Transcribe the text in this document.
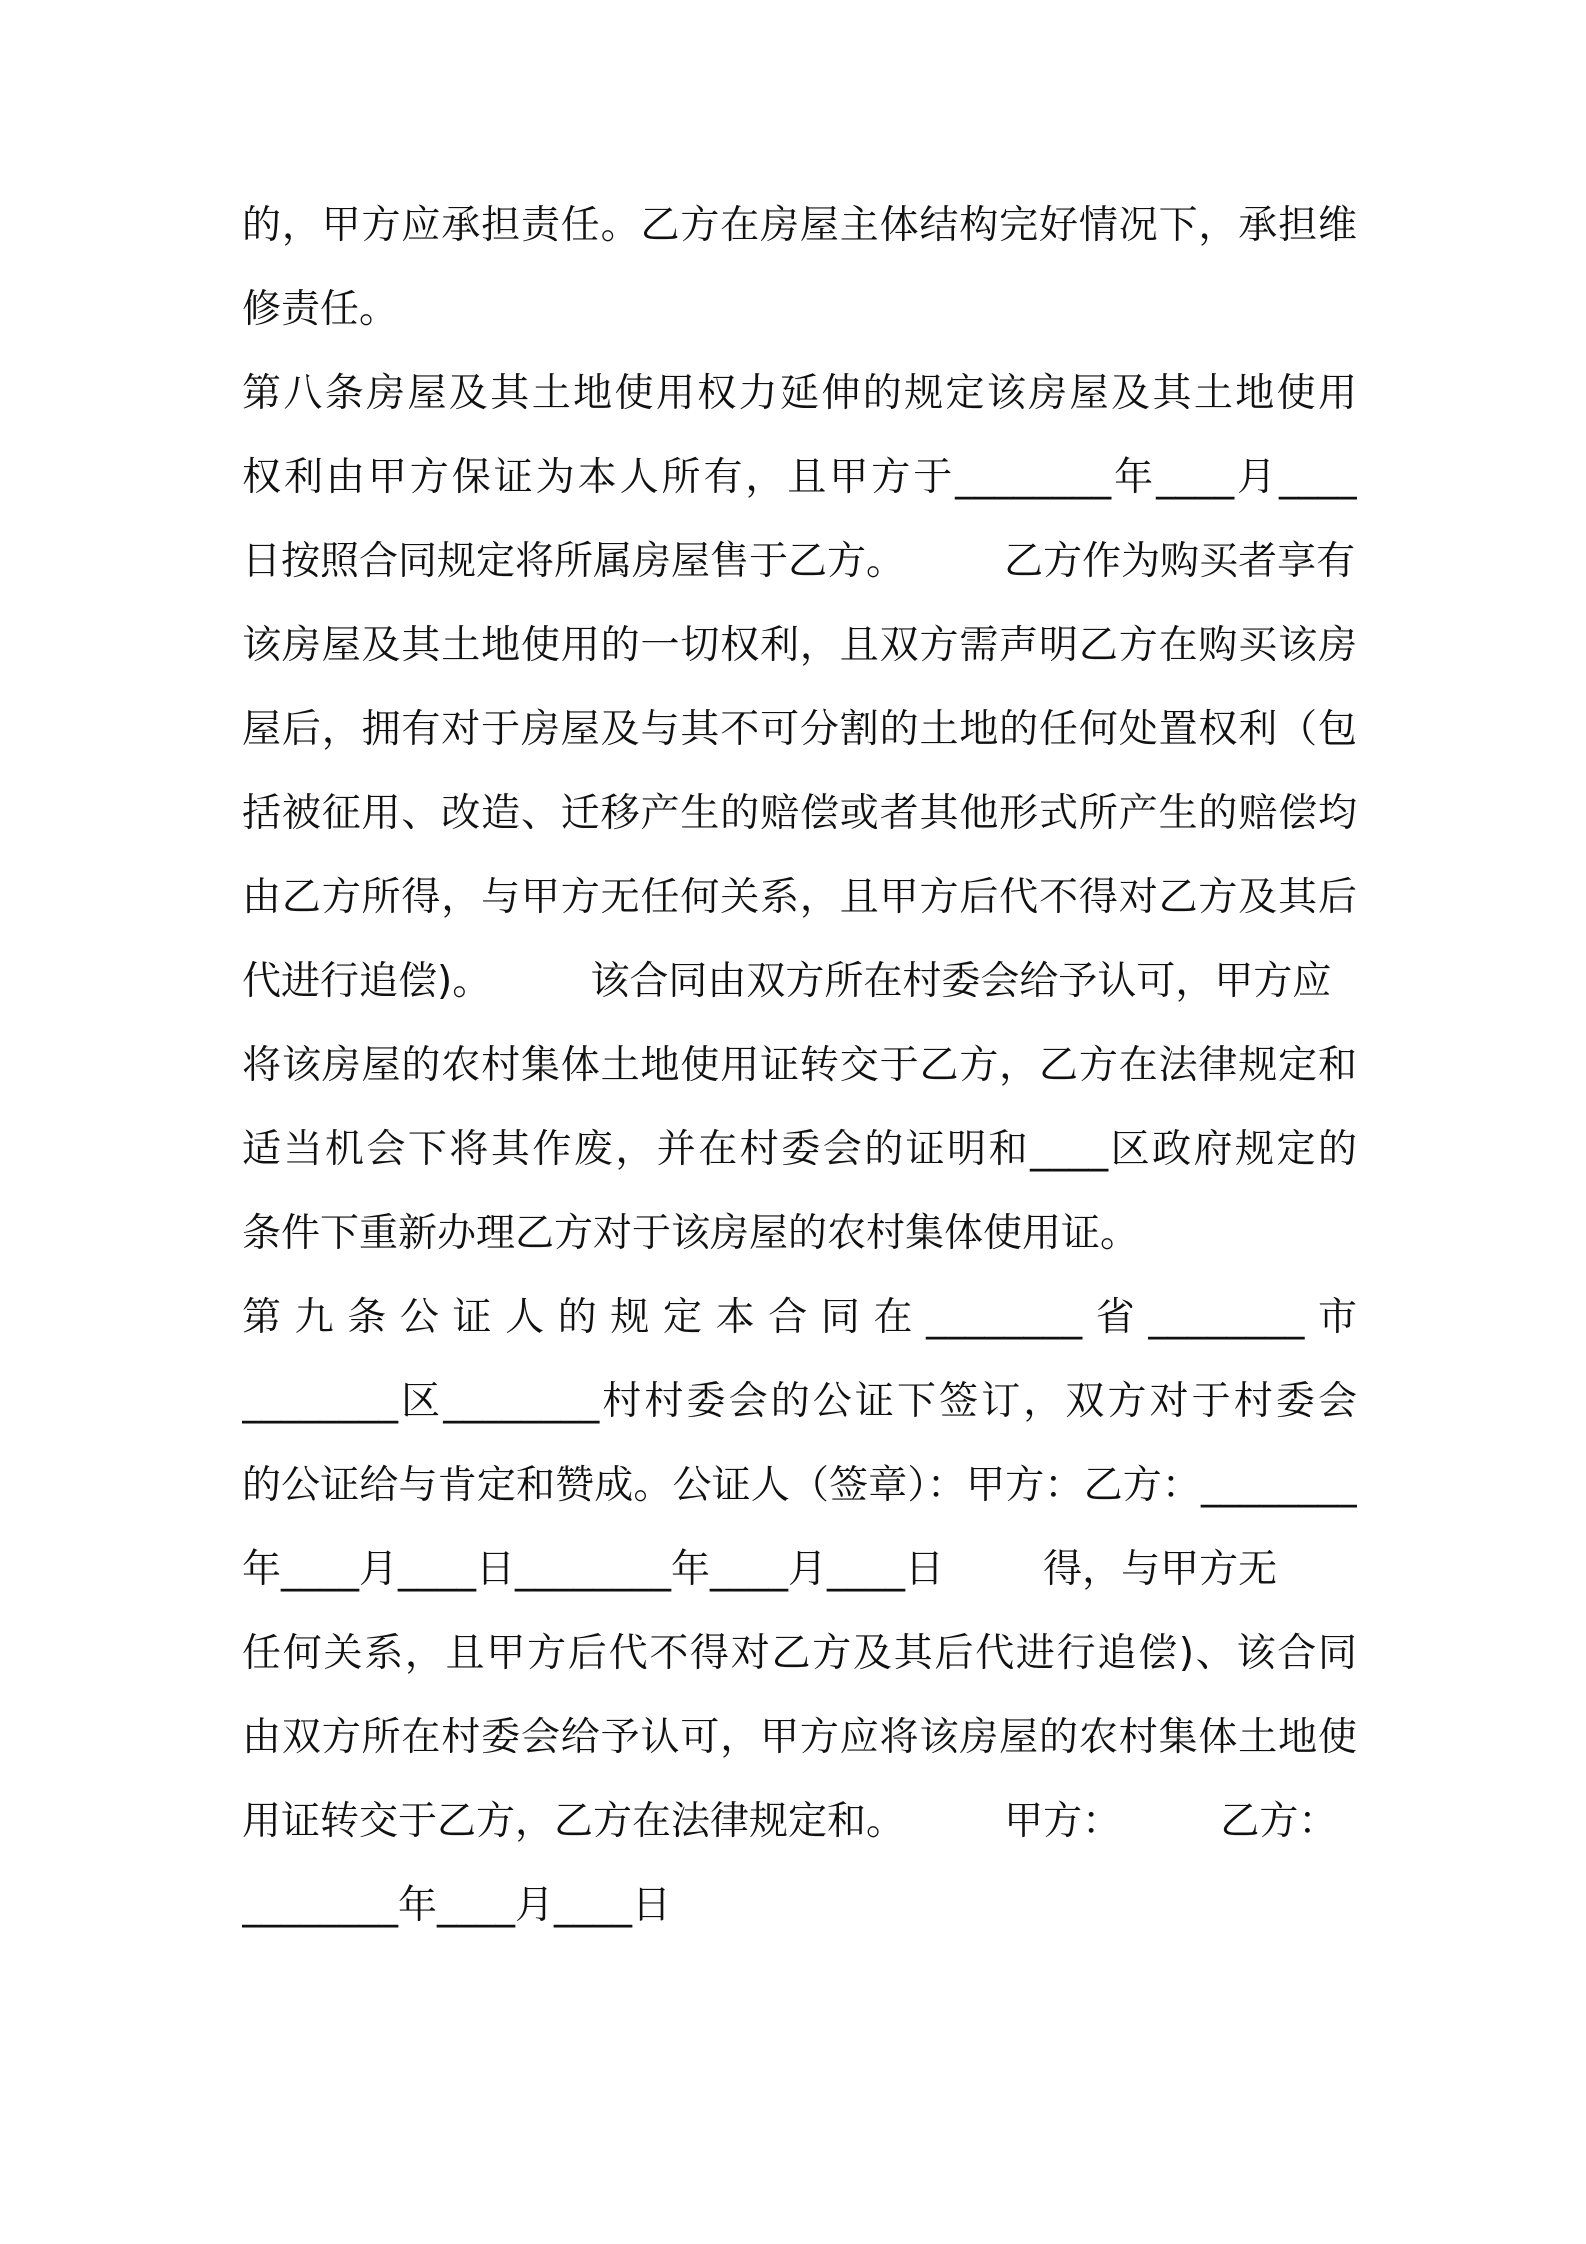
的，甲方应承担责任。乙方在房屋主体结构完好情况下，承担维
修责任。
第八条房屋及其土地使用权力延伸的规定该房屋及其土地使用
权利由甲方保证为本人所有，且甲方于________年____月____
日按照合同规定将所属房屋售于乙方。        乙方作为购买者享有
该房屋及其土地使用的一切权利，且双方需声明乙方在购买该房
屋后，拥有对于房屋及与其不可分割的土地的任何处置权利（包
括被征用、改造、迁移产生的赔偿或者其他形式所产生的赔偿均
由乙方所得，与甲方无任何关系，且甲方后代不得对乙方及其后
代进行追偿)。        该合同由双方所在村委会给予认可，甲方应
将该房屋的农村集体土地使用证转交于乙方，乙方在法律规定和
适当机会下将其作废，并在村委会的证明和____区政府规定的
条件下重新办理乙方对于该房屋的农村集体使用证。
第九条公证人的规定本合同在________省________市
________区________村村委会的公证下签订，双方对于村委会
的公证给与肯定和赞成。公证人（签章）：甲方：乙方：________
年____月____日________年____月____日        得，与甲方无
任何关系，且甲方后代不得对乙方及其后代进行追偿)、该合同
由双方所在村委会给予认可，甲方应将该房屋的农村集体土地使
用证转交于乙方，乙方在法律规定和。        甲方：        乙方：
________年____月____日
